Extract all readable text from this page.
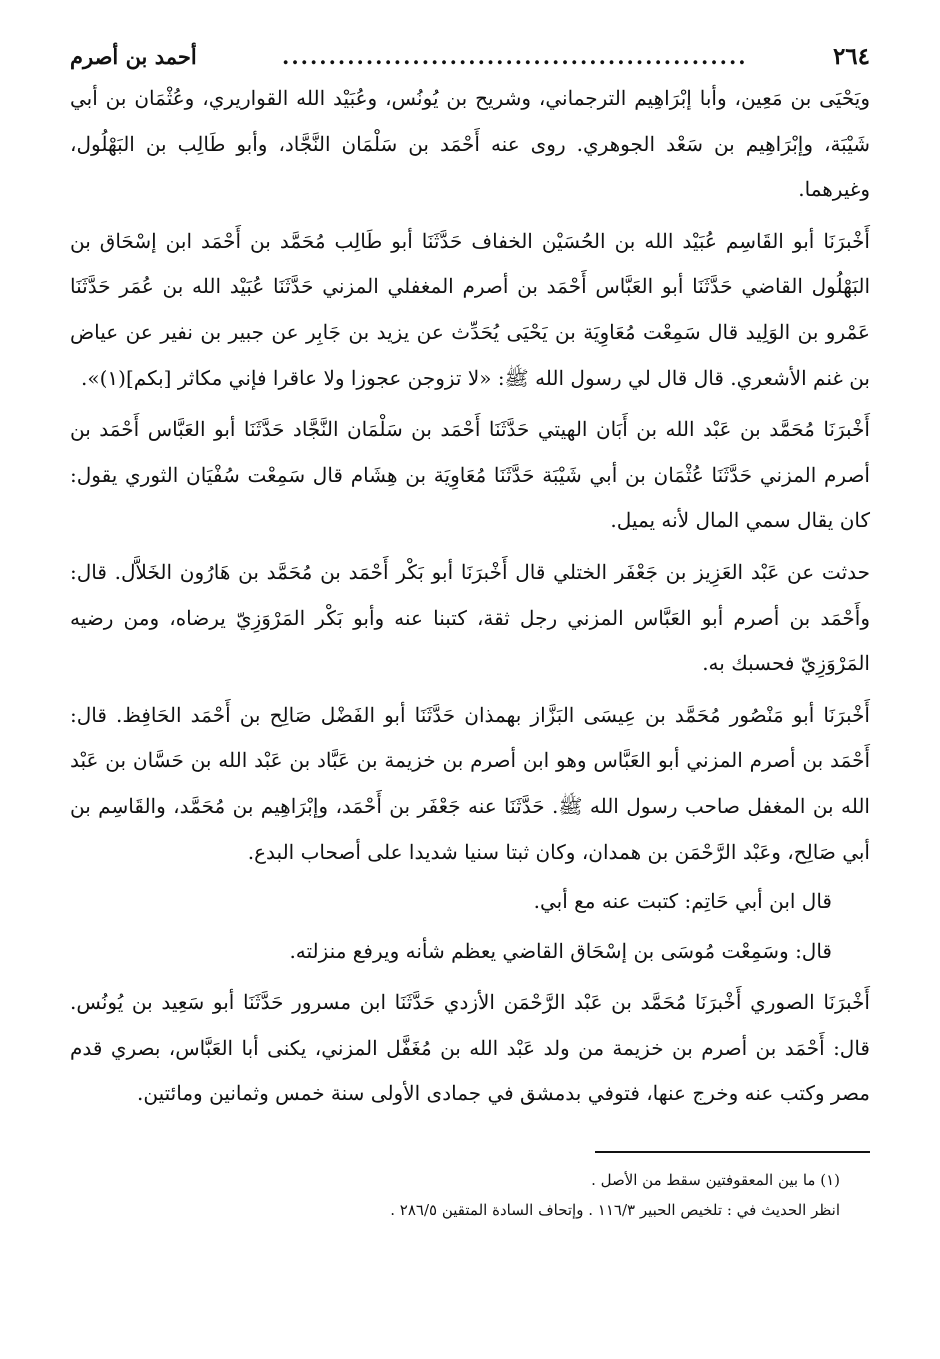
٢٦٤
..................................................
أحمد بن أصرم

ويَحْيَى بن مَعِين، وأبا إبْرَاهِيم الترجماني، وشريح بن يُونُس، وعُبَيْد الله القواريري، وعُثْمَان بن أبي شَيْبَة، وإبْرَاهِيم بن سَعْد الجوهري. روى عنه أَحْمَد بن سَلْمَان النَّجَّاد، وأبو طَالِب بن البَهْلُول، وغيرهما.

أَخْبرَنَا أبو القَاسِم عُبَيْد الله بن الحُسَيْن الخفاف حَدَّثَنَا أبو طَالِب مُحَمَّد بن أَحْمَد ابن إسْحَاق بن البَهْلُول القاضي حَدَّثَنَا أبو العَبَّاس أَحْمَد بن أصرم المغفلي المزني حَدَّثَنَا عُبَيْد الله بن عُمَر حَدَّثَنَا عَمْرو بن الوَلِيد قال سَمِعْت مُعَاوِيَة بن يَحْيَى يُحَدِّث عن يزيد بن جَابِر عن جبير بن نفير عن عياض بن غنم الأشعري. قال قال لي رسول الله ﷺ: «لا تزوجن عجوزا ولا عاقرا فإني مكاثر [بكم](١)».

أَخْبرَنَا مُحَمَّد بن عَبْد الله بن أَبَان الهيتي حَدَّثَنَا أَحْمَد بن سَلْمَان النَّجَّاد حَدَّثَنَا أبو العَبَّاس أَحْمَد بن أصرم المزني حَدَّثَنَا عُثْمَان بن أبي شَيْبَة حَدَّثَنَا مُعَاوِيَة بن هِشَام قال سَمِعْت سُفْيَان الثوري يقول: كان يقال سمي المال لأنه يميل.

حدثت عن عَبْد العَزِيز بن جَعْفَر الختلي قال أَخْبرَنَا أبو بَكْر أَحْمَد بن مُحَمَّد بن هَارُون الخَلاَّل. قال: وأَحْمَد بن أصرم أبو العَبَّاس المزني رجل ثقة، كتبنا عنه وأبو بَكْر المَرْوَزِيّ يرضاه، ومن رضيه المَرْوَزِيّ فحسبك به.

أَخْبرَنَا أبو مَنْصُور مُحَمَّد بن عِيسَى البَزَّاز بهمذان حَدَّثَنَا أبو الفَضْل صَالِح بن أَحْمَد الحَافِظ. قال: أَحْمَد بن أصرم المزني أبو العَبَّاس وهو ابن أصرم بن خزيمة بن عَبَّاد بن عَبْد الله بن حَسَّان بن عَبْد الله بن المغفل صاحب رسول الله ﷺ. حَدَّثَنَا عنه جَعْفَر بن أَحْمَد، وإبْرَاهِيم بن مُحَمَّد، والقَاسِم بن أبي صَالِح، وعَبْد الرَّحْمَن بن همدان، وكان ثبتا سنيا شديدا على أصحاب البدع.

قال ابن أبي حَاتِم: كتبت عنه مع أبي.

قال: وسَمِعْت مُوسَى بن إسْحَاق القاضي يعظم شأنه ويرفع منزلته.

أَخْبرَنَا الصوري أَخْبرَنَا مُحَمَّد بن عَبْد الرَّحْمَن الأزدي حَدَّثَنَا ابن مسرور حَدَّثَنَا أبو سَعِيد بن يُونُس. قال: أَحْمَد بن أصرم بن خزيمة من ولد عَبْد الله بن مُغَفَّل المزني، يكنى أبا العَبَّاس، بصري قدم مصر وكتب عنه وخرج عنها، فتوفي بدمشق في جمادى الأولى سنة خمس وثمانين ومائتين.

(١) ما بين المعقوفتين سقط من الأصل .

انظر الحديث في : تلخيص الحبير ١١٦/٣ . وإتحاف السادة المتقين ٢٨٦/٥ .
